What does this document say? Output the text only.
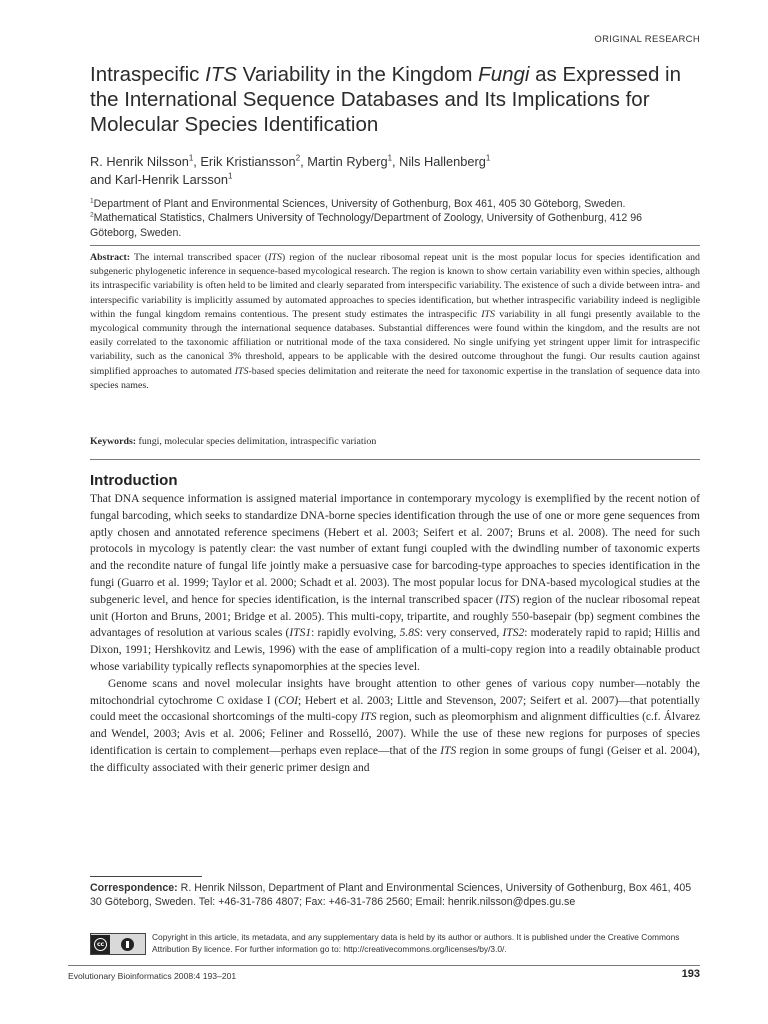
ORIGINAL RESEARCH
Intraspecific ITS Variability in the Kingdom Fungi as Expressed in the International Sequence Databases and Its Implications for Molecular Species Identification
R. Henrik Nilsson$^1$, Erik Kristiansson$^2$, Martin Ryberg$^1$, Nils Hallenberg$^1$
and Karl-Henrik Larsson$^1$
$^1$Department of Plant and Environmental Sciences, University of Gothenburg, Box 461, 405 30 Göteborg, Sweden. $^2$Mathematical Statistics, Chalmers University of Technology/Department of Zoology, University of Gothenburg, 412 96 Göteborg, Sweden.

Abstract: The internal transcribed spacer (ITS) region of the nuclear ribosomal repeat unit is the most popular locus for species identification and subgeneric phylogenetic inference in sequence-based mycological research. The region is known to show certain variability even within species, although its intraspecific variability is often held to be limited and clearly separated from interspecific variability. The existence of such a divide between intra- and interspecific variability is implicitly assumed by automated approaches to species identification, but whether intraspecific variability indeed is negligible within the fungal kingdom remains contentious. The present study estimates the intraspecific ITS variability in all fungi presently available to the mycological community through the international sequence databases. Substantial differences were found within the kingdom, and the results are not easily correlated to the taxonomic affiliation or nutritional mode of the taxa considered. No single unifying yet stringent upper limit for intraspecific variability, such as the canonical 3% threshold, appears to be applicable with the desired outcome throughout the fungi. Our results caution against simplified approaches to automated ITS-based species delimitation and reiterate the need for taxonomic expertise in the translation of sequence data into species names.

Keywords: fungi, molecular species delimitation, intraspecific variation

Introduction

That DNA sequence information is assigned material importance in contemporary mycology is exemplified by the recent notion of fungal barcoding, which seeks to standardize DNA-borne species identification through the use of one or more gene sequences from aptly chosen and annotated reference specimens (Hebert et al. 2003; Seifert et al. 2007; Bruns et al. 2008). The need for such protocols in mycology is patently clear: the vast number of extant fungi coupled with the dwindling number of taxonomic experts and the recondite nature of fungal life jointly make a persuasive case for barcoding-type approaches to species identification in the fungi (Guarro et al. 1999; Taylor et al. 2000; Schadt et al. 2003). The most popular locus for DNA-based mycological studies at the subgeneric level, and hence for species identification, is the internal transcribed spacer (ITS) region of the nuclear ribosomal repeat unit (Horton and Bruns, 2001; Bridge et al. 2005). This multi-copy, tripartite, and roughly 550-basepair (bp) segment combines the advantages of resolution at various scales (ITS1: rapidly evolving, 5.8S: very conserved, ITS2: moderately rapid to rapid; Hillis and Dixon, 1991; Hershkovitz and Lewis, 1996) with the ease of amplification of a multi-copy region into a readily obtainable product whose variability typically reflects synapomorphies at the species level.

Genome scans and novel molecular insights have brought attention to other genes of various copy number—notably the mitochondrial cytochrome C oxidase I (COI; Hebert et al. 2003; Little and Stevenson, 2007; Seifert et al. 2007)—that potentially could meet the occasional shortcomings of the multi-copy ITS region, such as pleomorphism and alignment difficulties (c.f. Álvarez and Wendel, 2003; Avis et al. 2006; Feliner and Rosselló, 2007). While the use of these new regions for purposes of species identification is certain to complement—perhaps even replace—that of the ITS region in some groups of fungi (Geiser et al. 2004), the difficulty associated with their generic primer design and

Correspondence: R. Henrik Nilsson, Department of Plant and Environmental Sciences, University of Gothenburg, Box 461, 405 30 Göteborg, Sweden. Tel: +46-31-786 4807; Fax: +46-31-786 2560; Email: henrik.nilsson@dpes.gu.se

cc

Copyright in this article, its metadata, and any supplementary data is held by its author or authors. It is published under the Creative Commons Attribution By licence. For further information go to: http://creativecommons.org/licenses/by/3.0/.

Evolutionary Bioinformatics 2008:4 193–201	193
